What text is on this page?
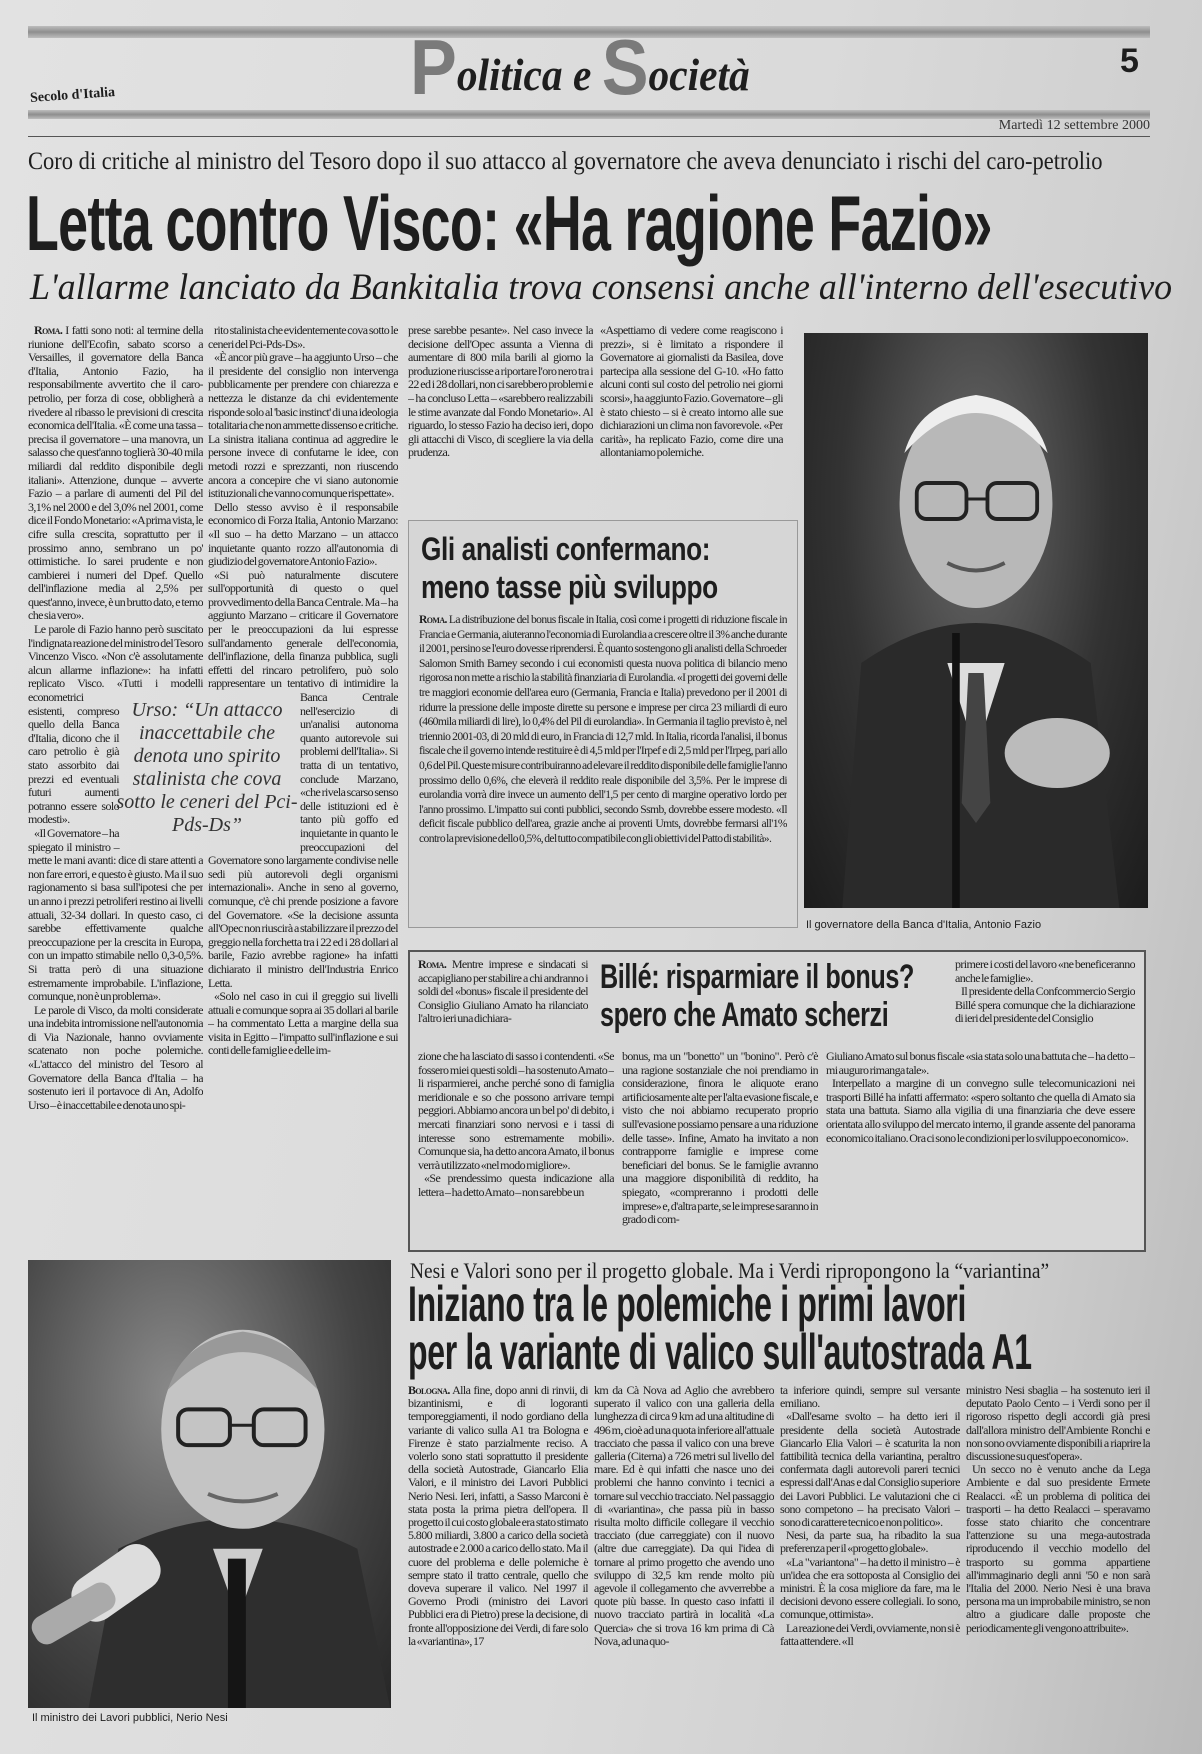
Politica e Società	5
Secolo d'Italia
Martedì 12 settembre 2000
Coro di critiche al ministro del Tesoro dopo il suo attacco al governatore che aveva denunciato i rischi del caro-petrolio
Letta contro Visco: «Ha ragione Fazio»
L'allarme lanciato da Bankitalia trova consensi anche all'interno dell'esecutivo

Roma. I fatti sono noti: al termine della riunione dell'Ecofin, sabato scorso a Versailles, il governatore della Banca d'Italia, Antonio Fazio, ha responsabilmente avvertito che il caro-petrolio, per forza di cose, obbligherà a rivedere al ribasso le previsioni di crescita economica dell'Italia. «È come una tassa – precisa il governatore – una manovra, un salasso che quest'anno toglierà 30-40 mila miliardi dal reddito disponibile degli italiani». Attenzione, dunque – avverte Fazio – a parlare di aumenti del Pil del 3,1% nel 2000 e del 3,0% nel 2001, come dice il Fondo Monetario: «A prima vista, le cifre sulla crescita, soprattutto per il prossimo anno, sembrano un po' ottimistiche. Io sarei prudente e non cambierei i numeri del Dpef. Quello dell'inflazione media al 2,5% per quest'anno, invece, è un brutto dato, e temo che sia vero».

Le parole di Fazio hanno però suscitato l'indignata reazione del ministro del Tesoro Vincenzo Visco. «Non c'è assolutamente alcun allarme inflazione»: ha infatti replicato Visco. «Tutti i modelli econometrici esistenti, compreso quello della Banca d'Italia, dicono che il caro petrolio è già stato assorbito dai prezzi ed eventuali futuri aumenti potranno essere solo modesti».

«Il Governatore – ha spiegato il ministro – mette le mani avanti: dice di stare attenti a non fare errori, e questo è giusto. Ma il suo ragionamento si basa sull'ipotesi che per un anno i prezzi petroliferi restino ai livelli attuali, 32-34 dollari. In questo caso, ci sarebbe effettivamente qualche preoccupazione per la crescita in Europa, con un impatto stimabile nello 0,3-0,5%. Si tratta però di una situazione estremamente improbabile. L'inflazione, comunque, non è un problema».

Le parole di Visco, da molti considerate una indebita intromissione nell'autonomia di Via Nazionale, hanno ovviamente scatenato non poche polemiche. «L'attacco del ministro del Tesoro al Governatore della Banca d'Italia – ha sostenuto ieri il portavoce di An, Adolfo Urso – è inaccettabile e denota uno spi-

rito stalinista che evidentemente cova sotto le ceneri del Pci-Pds-Ds».

«È ancor più grave – ha aggiunto Urso – che il presidente del consiglio non intervenga pubblicamente per prendere con chiarezza e nettezza le distanze da chi evidentemente risponde solo al 'basic instinct' di una ideologia totalitaria che non ammette dissenso e critiche. La sinistra italiana continua ad aggredire le persone invece di confutarne le idee, con metodi rozzi e sprezzanti, non riuscendo ancora a concepire che vi siano autonomie istituzionali che vanno comunque rispettate».

Dello stesso avviso è il responsabile economico di Forza Italia, Antonio Marzano: «Il suo – ha detto Marzano – un attacco inquietante quanto rozzo all'autonomia di giudizio del governatore Antonio Fazio».

«Si può naturalmente discutere sull'opportunità di questo o quel provvedimento della Banca Centrale. Ma – ha aggiunto Marzano – criticare il Governatore per le preoccupazioni da lui espresse sull'andamento generale dell'economia, dell'inflazione, della finanza pubblica, sugli effetti del rincaro petrolifero, può solo rappresentare un tentativo di intimidire la Banca Centrale nell'esercizio di un'analisi autonoma quanto autorevole sui problemi dell'Italia». Si tratta di un tentativo, conclude Marzano, «che rivela scarso senso delle istituzioni ed è tanto più goffo ed inquietante in quanto le preoccupazioni del Governatore sono largamente condivise nelle sedi più autorevoli degli organismi internazionali». Anche in seno al governo, comunque, c'è chi prende posizione a favore del Governatore. «Se la decisione assunta all'Opec non riuscirà a stabilizzare il prezzo del greggio nella forchetta tra i 22 ed i 28 dollari al barile, Fazio avrebbe ragione» ha infatti dichiarato il ministro dell'Industria Enrico Letta.

«Solo nel caso in cui il greggio sui livelli attuali e comunque sopra ai 35 dollari al barile – ha commentato Letta a margine della sua visita in Egitto – l'impatto sull'inflazione e sui conti delle famiglie e delle im-

Urso: “Un attacco inaccettabile che denota uno spirito stalinista che cova sotto le ceneri del Pci-Pds-Ds”

prese sarebbe pesante». Nel caso invece la decisione dell'Opec assunta a Vienna di aumentare di 800 mila barili al giorno la produzione riuscisse a riportare l'oro nero tra i 22 ed i 28 dollari, non ci sarebbero problemi e – ha concluso Letta – «sarebbero realizzabili le stime avanzate dal Fondo Monetario». Al riguardo, lo stesso Fazio ha deciso ieri, dopo gli attacchi di Visco, di scegliere la via della prudenza.

«Aspettiamo di vedere come reagiscono i prezzi», si è limitato a rispondere il Governatore ai giornalisti da Basilea, dove partecipa alla sessione del G-10. «Ho fatto alcuni conti sul costo del petrolio nei giorni scorsi», ha aggiunto Fazio. Governatore – gli è stato chiesto – si è creato intorno alle sue dichiarazioni un clima non favorevole. «Per carità», ha replicato Fazio, come dire una allontaniamo polemiche.

Il governatore della Banca d'Italia, Antonio Fazio
Gli analisti confermano:
meno tasse più sviluppo

Roma. La distribuzione del bonus fiscale in Italia, così come i progetti di riduzione fiscale in Francia e Germania, aiuteranno l'economia di Eurolandia a crescere oltre il 3% anche durante il 2001, persino se l'euro dovesse riprendersi. È quanto sostengono gli analisti della Schroeder Salomon Smith Barney secondo i cui economisti questa nuova politica di bilancio meno rigorosa non mette a rischio la stabilità finanziaria di Eurolandia. «I progetti dei governi delle tre maggiori economie dell'area euro (Germania, Francia e Italia) prevedono per il 2001 di ridurre la pressione delle imposte dirette su persone e imprese per circa 23 miliardi di euro (460mila miliardi di lire), lo 0,4% del Pil di eurolandia». In Germania il taglio previsto è, nel triennio 2001-03, di 20 mld di euro, in Francia di 12,7 mld. In Italia, ricorda l'analisi, il bonus fiscale che il governo intende restituire è di 4,5 mld per l'Irpef e di 2,5 mld per l'Irpeg, pari allo 0,6 del Pil. Queste misure contribuiranno ad elevare il reddito disponibile delle famiglie l'anno prossimo dello 0,6%, che eleverà il reddito reale disponibile del 3,5%. Per le imprese di eurolandia vorrà dire invece un aumento dell'1,5 per cento di margine operativo lordo per l'anno prossimo. L'impatto sui conti pubblici, secondo Ssmb, dovrebbe essere modesto. «Il deficit fiscale pubblico dell'area, grazie anche ai proventi Umts, dovrebbe fermarsi all'1% contro la previsione dello 0,5%, del tutto compatibile con gli obiettivi del Patto di stabilità».

Billé: risparmiare il bonus?
spero che Amato scherzi

Roma. Mentre imprese e sindacati si accapigliano per stabilire a chi andranno i soldi del «bonus» fiscale il presidente del Consiglio Giuliano Amato ha rilanciato l'altro ieri una dichiara-

zione che ha lasciato di sasso i contendenti. «Se fossero miei questi soldi – ha sostenuto Amato – li risparmierei, anche perché sono di famiglia meridionale e so che possono arrivare tempi peggiori. Abbiamo ancora un bel po' di debito, i mercati finanziari sono nervosi e i tassi di interesse sono estremamente mobili». Comunque sia, ha detto ancora Amato, il bonus verrà utilizzato «nel modo migliore».

«Se prendessimo questa indicazione alla lettera – ha detto Amato – non sarebbe un

bonus, ma un "bonetto" un "bonino". Però c'è una ragione sostanziale che noi prendiamo in considerazione, finora le aliquote erano artificiosamente alte per l'alta evasione fiscale, e visto che noi abbiamo recuperato proprio sull'evasione possiamo pensare a una riduzione delle tasse». Infine, Amato ha invitato a non contrapporre famiglie e imprese come beneficiari del bonus. Se le famiglie avranno una maggiore disponibilità di reddito, ha spiegato, «compreranno i prodotti delle imprese» e, d'altra parte, se le imprese saranno in grado di com-

primere i costi del lavoro «ne beneficeranno anche le famiglie».

Il presidente della Confcommercio Sergio Billé spera comunque che la dichiarazione di ieri del presidente del Consiglio

Giuliano Amato sul bonus fiscale «sia stata solo una battuta che – ha detto – mi auguro rimanga tale».

Interpellato a margine di un convegno sulle telecomunicazioni nei trasporti Billé ha infatti affermato: «spero soltanto che quella di Amato sia stata una battuta. Siamo alla vigilia di una finanziaria che deve essere orientata allo sviluppo del mercato interno, il grande assente del panorama economico italiano. Ora ci sono le condizioni per lo sviluppo economico».

Il ministro dei Lavori pubblici, Nerio Nesi
Nesi e Valori sono per il progetto globale. Ma i Verdi ripropongono la “variantina”
Iniziano tra le polemiche i primi lavori
per la variante di valico sull'autostrada A1

Bologna. Alla fine, dopo anni di rinvii, di bizantinismi, e di logoranti temporeggiamenti, il nodo gordiano della variante di valico sulla A1 tra Bologna e Firenze è stato parzialmente reciso. A volerlo sono stati soprattutto il presidente della società Autostrade, Giancarlo Elia Valori, e il ministro dei Lavori Pubblici Nerio Nesi. Ieri, infatti, a Sasso Marconi è stata posta la prima pietra dell'opera. Il progetto il cui costo globale era stato stimato 5.800 miliardi, 3.800 a carico della società autostrade e 2.000 a carico dello stato. Ma il cuore del problema e delle polemiche è sempre stato il tratto centrale, quello che doveva superare il valico. Nel 1997 il Governo Prodi (ministro dei Lavori Pubblici era di Pietro) prese la decisione, di fronte all'opposizione dei Verdi, di fare solo la «variantina», 17

km da Cà Nova ad Aglio che avrebbero superato il valico con una galleria della lunghezza di circa 9 km ad una altitudine di 496 m, cioè ad una quota inferiore all'attuale tracciato che passa il valico con una breve galleria (Citerna) a 726 metri sul livello del mare. Ed è qui infatti che nasce uno dei problemi che hanno convinto i tecnici a tornare sul vecchio tracciato. Nel passaggio di «variantina», che passa più in basso risulta molto difficile collegare il vecchio tracciato (due carreggiate) con il nuovo (altre due carreggiate). Da qui l'idea di tornare al primo progetto che avendo uno sviluppo di 32,5 km rende molto più agevole il collegamento che avverrebbe a quote più basse. In questo caso infatti il nuovo tracciato partirà in località «La Quercia» che si trova 16 km prima di Cà Nova, ad una quo-

ta inferiore quindi, sempre sul versante emiliano.

«Dall'esame svolto – ha detto ieri il presidente della società Autostrade Giancarlo Elia Valori – è scaturita la non fattibilità tecnica della variantina, peraltro confermata dagli autorevoli pareri tecnici espressi dall'Anas e dal Consiglio superiore dei Lavori Pubblici. Le valutazioni che ci sono competono – ha precisato Valori – sono di carattere tecnico e non politico».

Nesi, da parte sua, ha ribadito la sua preferenza per il «progetto globale».

«La "variantona" – ha detto il ministro – è un'idea che era sottoposta al Consiglio dei ministri. È la cosa migliore da fare, ma le decisioni devono essere collegiali. Io sono, comunque, ottimista».

La reazione dei Verdi, ovviamente, non si è fatta attendere. «Il

ministro Nesi sbaglia – ha sostenuto ieri il deputato Paolo Cento – i Verdi sono per il rigoroso rispetto degli accordi già presi dall'allora ministro dell'Ambiente Ronchi e non sono ovviamente disponibili a riaprire la discussione su quest'opera».

Un secco no è venuto anche da Lega Ambiente e dal suo presidente Ermete Realacci. «È un problema di politica dei trasporti – ha detto Realacci – speravamo fosse stato chiarito che concentrare l'attenzione su una mega-autostrada riproducendo il vecchio modello del trasporto su gomma appartiene all'immaginario degli anni '50 e non sarà l'Italia del 2000. Nerio Nesi è una brava persona ma un improbabile ministro, se non altro a giudicare dalle proposte che periodicamente gli vengono attribuite».
